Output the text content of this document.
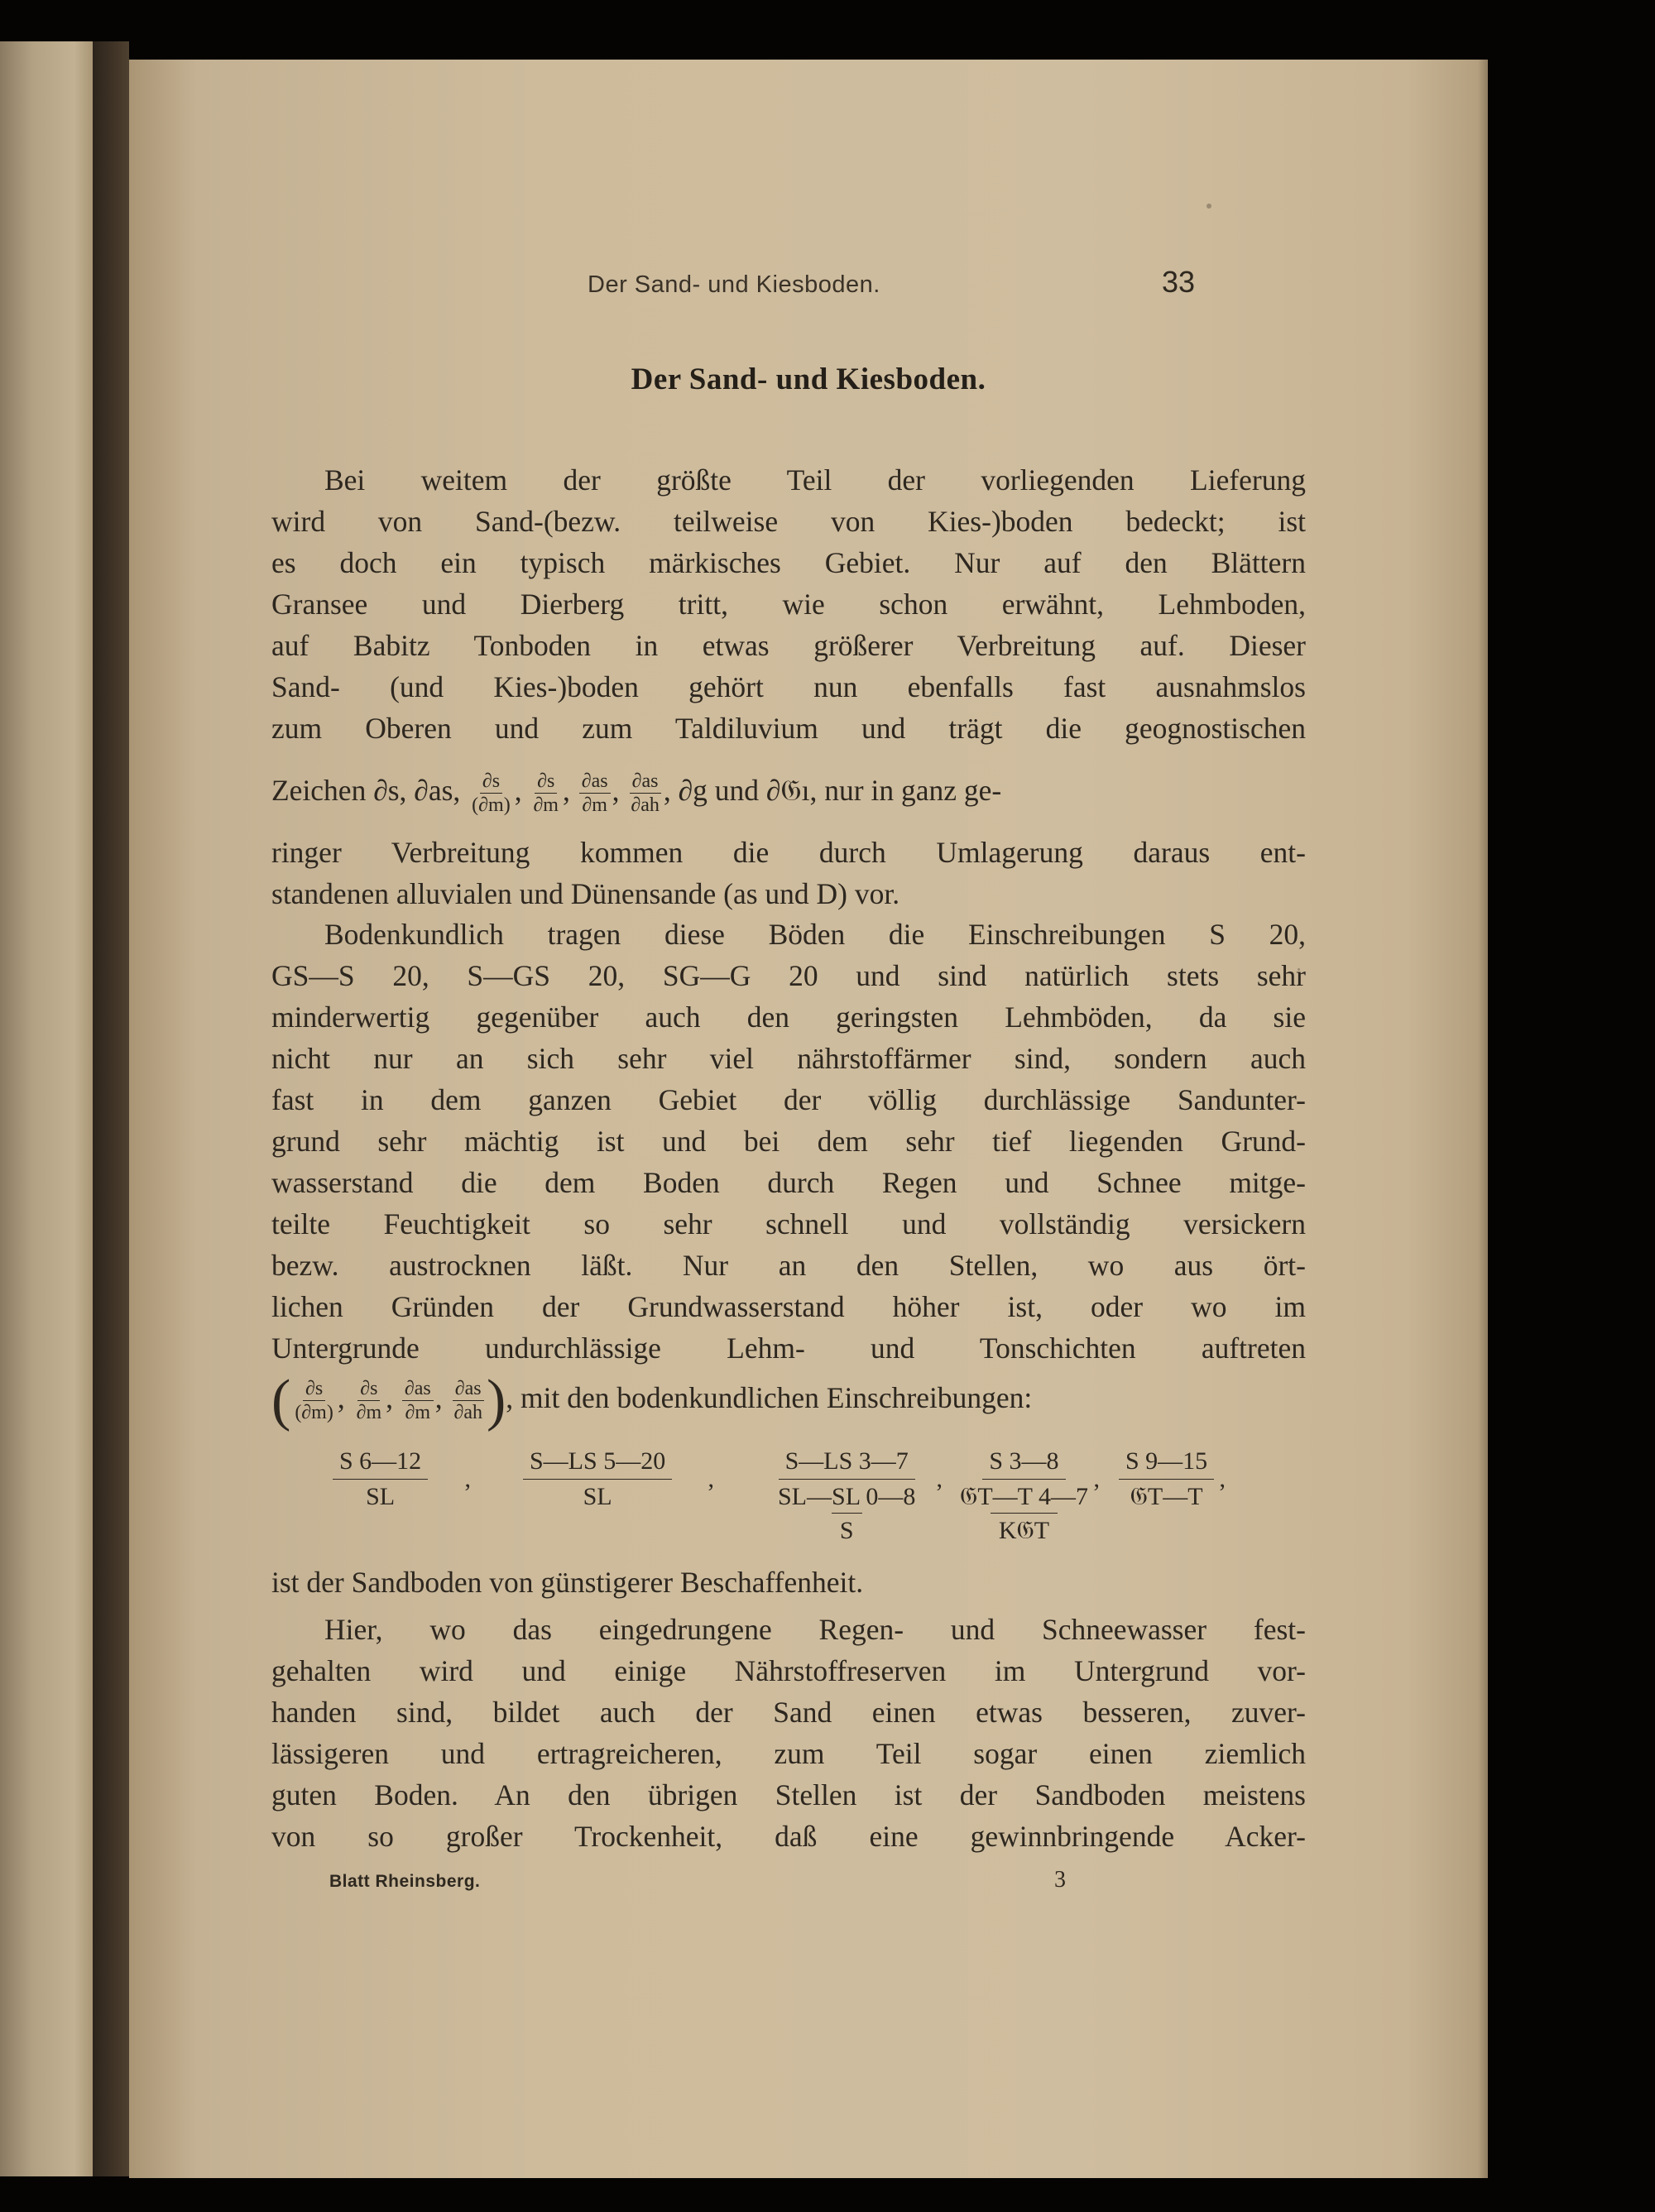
Der Sand- und Kiesboden.	33
Der Sand- und Kiesboden.
Bei weitem der größte Teil der vorliegenden Lieferung
wird von Sand-(bezw. teilweise von Kies-)boden bedeckt; ist
es doch ein typisch märkisches Gebiet. Nur auf den Blättern
Gransee und Dierberg tritt, wie schon erwähnt, Lehmboden,
auf Babitz Tonboden in etwas größerer Verbreitung auf. Dieser
Sand- (und Kies-)boden gehört nun ebenfalls fast ausnahmslos
zum Oberen und zum Taldiluvium und trägt die geognostischen
Zeichen ∂s, ∂as, $\frac{\partial s}{(\partial m)}$ , $\frac{\partial s}{\partial m}$ , $\frac{\partial as}{\partial m}$ , $\frac{\partial as}{\partial ah}$ , ∂g und ∂𝔊ı, nur in ganz ge-
ringer Verbreitung kommen die durch Umlagerung daraus ent-
standenen alluvialen und Dünensande (as und D) vor.
Bodenkundlich tragen diese Böden die Einschreibungen S 20,
GS—S 20, S—GS 20, SG—G 20 und sind natürlich stets sehr
minderwertig gegenüber auch den geringsten Lehmböden, da sie
nicht nur an sich sehr viel nährstoffärmer sind, sondern auch
fast in dem ganzen Gebiet der völlig durchlässige Sandunter-
grund sehr mächtig ist und bei dem sehr tief liegenden Grund-
wasserstand die dem Boden durch Regen und Schnee mitge-
teilte Feuchtigkeit so sehr schnell und vollständig versickern
bezw. austrocknen läßt. Nur an den Stellen, wo aus ört-
lichen Gründen der Grundwasserstand höher ist, oder wo im
Untergrunde undurchlässige Lehm- und Tonschichten auftreten
( $\frac{\partial s}{(\partial m)}$ , $\frac{\partial s}{\partial m}$ , $\frac{\partial as}{\partial m}$ , $\frac{\partial as}{\partial ah}$ ), mit den bodenkundlichen Einschreibungen:
$\frac{S 6—12}{SL}$ ’ $\frac{S—LS 5—20}{SL}$ ’
S—LS 3—7
SL—SL 0—8
S
’
S 3—8
𝔊T—T 4—7
K𝔊T
’
S 9—15
𝔊T—T ’
ist der Sandboden von günstigerer Beschaffenheit.
Hier, wo das eingedrungene Regen- und Schneewasser fest-
gehalten wird und einige Nährstoffreserven im Untergrund vor-
handen sind, bildet auch der Sand einen etwas besseren, zuver-
lässigeren und ertragreicheren, zum Teil sogar einen ziemlich
guten Boden. An den übrigen Stellen ist der Sandboden meistens
von so großer Trockenheit, daß eine gewinnbringende Acker-
Blatt Rheinsberg.	3
